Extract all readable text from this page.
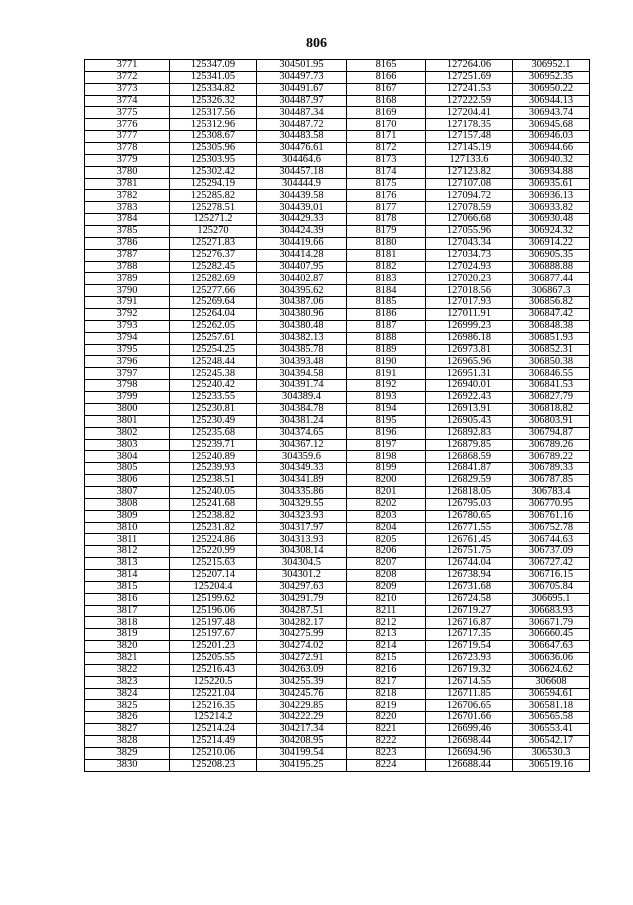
806
3771	125347.09	304501.95	8165	127264.06	306952.1
3772	125341.05	304497.73	8166	127251.69	306952.35
3773	125334.82	304491.67	8167	127241.53	306950.22
3774	125326.32	304487.97	8168	127222.59	306944.13
3775	125317.56	304487.34	8169	127204.41	306943.74
3776	125312.96	304487.72	8170	127178.35	306945.68
3777	125308.67	304483.58	8171	127157.48	306946.03
3778	125305.96	304476.61	8172	127145.19	306944.66
3779	125303.95	304464.6	8173	127133.6	306940.32
3780	125302.42	304457.18	8174	127123.82	306934.88
3781	125294.19	304444.9	8175	127107.08	306935.61
3782	125285.82	304439.58	8176	127094.72	306936.13
3783	125278.51	304439.01	8177	127078.59	306933.82
3784	125271.2	304429.33	8178	127066.68	306930.48
3785	125270	304424.39	8179	127055.96	306924.32
3786	125271.83	304419.66	8180	127043.34	306914.22
3787	125276.37	304414.28	8181	127034.73	306905.35
3788	125282.45	304407.95	8182	127024.93	306888.88
3789	125282.69	304402.87	8183	127020.23	306877.44
3790	125277.66	304395.62	8184	127018.56	306867.3
3791	125269.64	304387.06	8185	127017.93	306856.82
3792	125264.04	304380.96	8186	127011.91	306847.42
3793	125262.05	304380.48	8187	126999.23	306848.38
3794	125257.61	304382.13	8188	126986.18	306851.93
3795	125254.25	304385.78	8189	126973.81	306852.31
3796	125248.44	304393.48	8190	126965.96	306850.38
3797	125245.38	304394.58	8191	126951.31	306846.55
3798	125240.42	304391.74	8192	126940.01	306841.53
3799	125233.55	304389.4	8193	126922.43	306827.79
3800	125230.81	304384.78	8194	126913.91	306818.82
3801	125230.49	304381.24	8195	126905.43	306803.91
3802	125235.68	304374.65	8196	126892.83	306794.87
3803	125239.71	304367.12	8197	126879.85	306789.26
3804	125240.89	304359.6	8198	126868.59	306789.22
3805	125239.93	304349.33	8199	126841.87	306789.33
3806	125238.51	304341.89	8200	126829.59	306787.85
3807	125240.05	304335.86	8201	126818.05	306783.4
3808	125241.68	304329.55	8202	126795.03	306770.95
3809	125238.82	304323.93	8203	126780.65	306761.16
3810	125231.82	304317.97	8204	126771.55	306752.78
3811	125224.86	304313.93	8205	126761.45	306744.63
3812	125220.99	304308.14	8206	126751.75	306737.09
3813	125215.63	304304.5	8207	126744.04	306727.42
3814	125207.14	304301.2	8208	126738.94	306716.15
3815	125204.4	304297.63	8209	126731.68	306705.84
3816	125199.62	304291.79	8210	126724.58	306695.1
3817	125196.06	304287.51	8211	126719.27	306683.93
3818	125197.48	304282.17	8212	126716.87	306671.79
3819	125197.67	304275.99	8213	126717.35	306660.45
3820	125201.23	304274.02	8214	126719.54	306647.63
3821	125205.55	304272.91	8215	126723.93	306636.06
3822	125216.43	304263.09	8216	126719.32	306624.62
3823	125220.5	304255.39	8217	126714.55	306608
3824	125221.04	304245.76	8218	126711.85	306594.61
3825	125216.35	304229.85	8219	126706.65	306581.18
3826	125214.2	304222.29	8220	126701.66	306565.58
3827	125214.24	304217.34	8221	126699.46	306553.41
3828	125214.49	304208.95	8222	126698.44	306542.17
3829	125210.06	304199.54	8223	126694.96	306530.3
3830	125208.23	304195.25	8224	126688.44	306519.16
